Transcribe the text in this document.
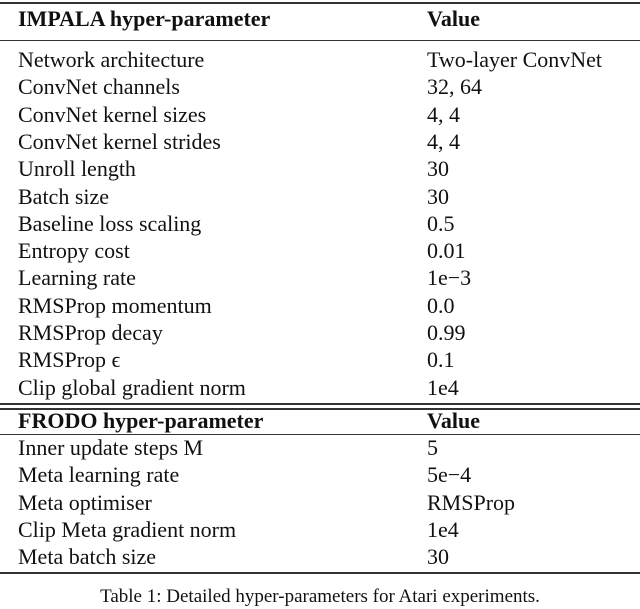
IMPALA hyper-parameter	Value
Network architecture	Two-layer ConvNet
ConvNet channels	32, 64
ConvNet kernel sizes	4, 4
ConvNet kernel strides	4, 4
Unroll length	30
Batch size	30
Baseline loss scaling	0.5
Entropy cost	0.01
Learning rate	1e−3
RMSProp momentum	0.0
RMSProp decay	0.99
RMSProp ϵ	0.1
Clip global gradient norm	1e4
FRODO hyper-parameter	Value
Inner update steps M	5
Meta learning rate	5e−4
Meta optimiser	RMSProp
Clip Meta gradient norm	1e4
Meta batch size	30
Table 1: Detailed hyper-parameters for Atari experiments.
